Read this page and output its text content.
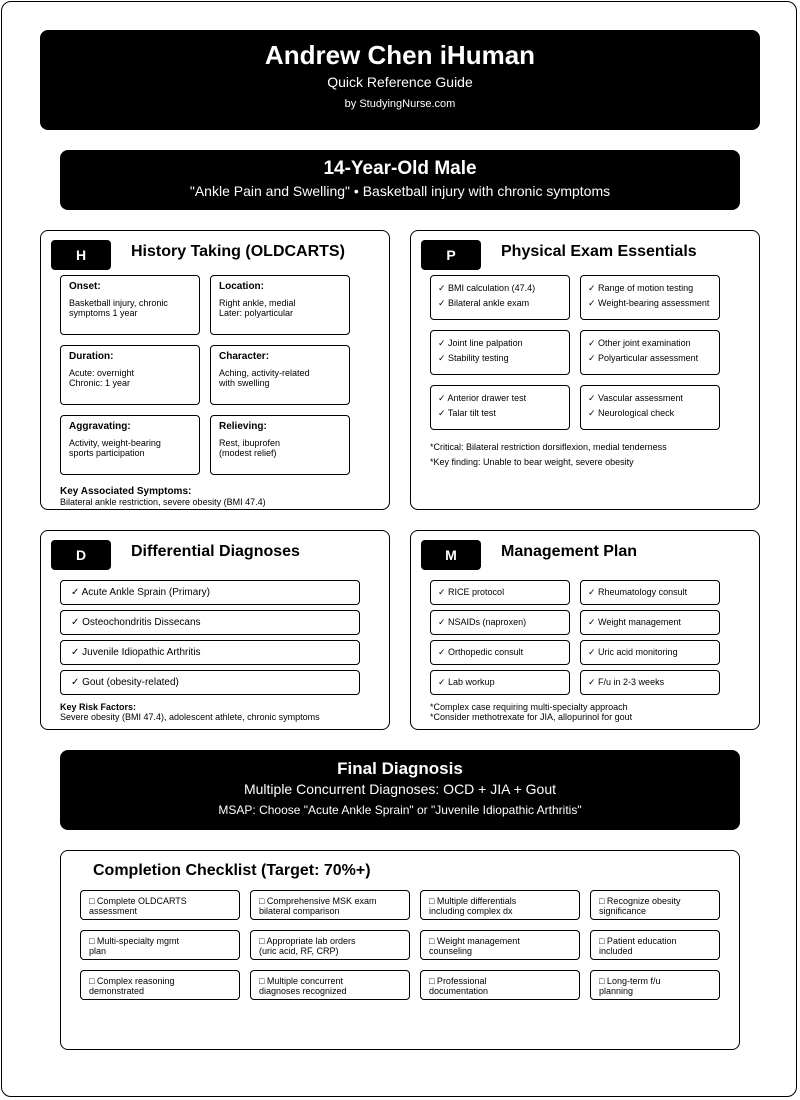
Andrew Chen iHuman
Quick Reference Guide
by StudyingNurse.com
14-Year-Old Male
"Ankle Pain and Swelling" • Basketball injury with chronic symptoms
H	History Taking (OLDCARTS)
Onset:
Basketball injury, chronic
symptoms 1 year
Location:
Right ankle, medial
Later: polyarticular
Duration:
Acute: overnight
Chronic: 1 year
Character:
Aching, activity-related
with swelling
Aggravating:
Activity, weight-bearing
sports participation
Relieving:
Rest, ibuprofen
(modest relief)
Key Associated Symptoms:
Bilateral ankle restriction, severe obesity (BMI 47.4)
P	Physical Exam Essentials
✓ BMI calculation (47.4)
✓ Bilateral ankle exam
✓ Range of motion testing
✓ Weight-bearing assessment
✓ Joint line palpation
✓ Stability testing
✓ Other joint examination
✓ Polyarticular assessment
✓ Anterior drawer test
✓ Talar tilt test
✓ Vascular assessment
✓ Neurological check
*Critical: Bilateral restriction dorsiflexion, medial tenderness
*Key finding: Unable to bear weight, severe obesity
D	Differential Diagnoses
✓ Acute Ankle Sprain (Primary)
✓ Osteochondritis Dissecans
✓ Juvenile Idiopathic Arthritis
✓ Gout (obesity-related)
Key Risk Factors:
Severe obesity (BMI 47.4), adolescent athlete, chronic symptoms
M	Management Plan
✓ RICE protocol	✓ Rheumatology consult
✓ NSAIDs (naproxen)	✓ Weight management
✓ Orthopedic consult	✓ Uric acid monitoring
✓ Lab workup	✓ F/u in 2-3 weeks
*Complex case requiring multi-specialty approach
*Consider methotrexate for JIA, allopurinol for gout
Final Diagnosis
Multiple Concurrent Diagnoses: OCD + JIA + Gout
MSAP: Choose "Acute Ankle Sprain" or "Juvenile Idiopathic Arthritis"
Completion Checklist (Target: 70%+)
□ Complete OLDCARTS
assessment
□ Comprehensive MSK exam
bilateral comparison
□ Multiple differentials
including complex dx
□ Recognize obesity
significance
□ Multi-specialty mgmt
plan
□ Appropriate lab orders
(uric acid, RF, CRP)
□ Weight management
counseling
□ Patient education
included
□ Complex reasoning
demonstrated
□ Multiple concurrent
diagnoses recognized
□ Professional
documentation
□ Long-term f/u
planning
